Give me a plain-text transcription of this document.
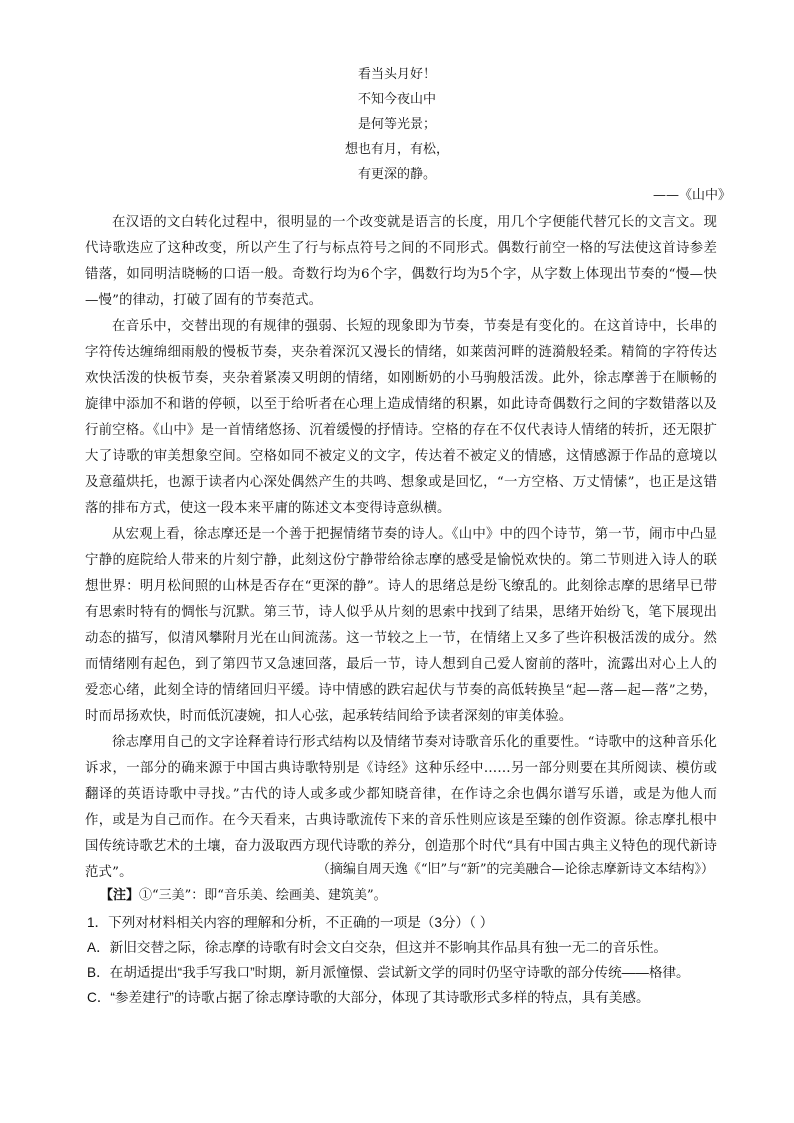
看当头月好！
不知今夜山中
是何等光景；
想也有月，有松，
有更深的静。
——《山中》

在汉语的文白转化过程中，很明显的一个改变就是语言的长度，用几个字便能代替冗长的文言文。现代诗歌迭应了这种改变，所以产生了行与标点符号之间的不同形式。偶数行前空一格的写法使这首诗参差错落，如同明洁晓畅的口语一般。奇数行均为6个字，偶数行均为5个字，从字数上体现出节奏的“慢—快—慢”的律动，打破了固有的节奏范式。

在音乐中，交替出现的有规律的强弱、长短的现象即为节奏，节奏是有变化的。在这首诗中，长串的字符传达缠绵细雨般的慢板节奏，夹杂着深沉又漫长的情绪，如莱茵河畔的涟漪般轻柔。精简的字符传达欢快活泼的快板节奏，夹杂着紧凑又明朗的情绪，如刚断奶的小马驹般活泼。此外，徐志摩善于在顺畅的旋律中添加不和谐的停顿，以至于给听者在心理上造成情绪的积累，如此诗奇偶数行之间的字数错落以及行前空格。《山中》是一首情绪悠扬、沉着缓慢的抒情诗。空格的存在不仅代表诗人情绪的转折，还无限扩大了诗歌的审美想象空间。空格如同不被定义的文字，传达着不被定义的情感，这情感源于作品的意境以及意蕴烘托，也源于读者内心深处偶然产生的共鸣、想象或是回忆，“一方空格、万丈情愫”，也正是这错落的排布方式，使这一段本来平庸的陈述文本变得诗意纵横。

从宏观上看，徐志摩还是一个善于把握情绪节奏的诗人。《山中》中的四个诗节，第一节，闹市中凸显宁静的庭院给人带来的片刻宁静，此刻这份宁静带给徐志摩的感受是愉悦欢快的。第二节则进入诗人的联想世界：明月松间照的山林是否存在“更深的静”。诗人的思绪总是纷飞缭乱的。此刻徐志摩的思绪早已带有思索时特有的惆怅与沉默。第三节，诗人似乎从片刻的思索中找到了结果，思绪开始纷飞，笔下展现出动态的描写，似清风攀附月光在山间流荡。这一节较之上一节，在情绪上又多了些许积极活泼的成分。然而情绪刚有起色，到了第四节又急速回落，最后一节，诗人想到自己爱人窗前的落叶，流露出对心上人的爱恋心绪，此刻全诗的情绪回归平缓。诗中情感的跌宕起伏与节奏的高低转换呈“起—落—起—落”之势，时而昂扬欢快，时而低沉凄婉，扣人心弦，起承转结间给予读者深刻的审美体验。

徐志摩用自己的文字诠释着诗行形式结构以及情绪节奏对诗歌音乐化的重要性。“诗歌中的这种音乐化诉求，一部分的确来源于中国古典诗歌特别是《诗经》这种乐经中……另一部分则要在其所阅读、模仿或翻译的英语诗歌中寻找。”古代的诗人或多或少都知晓音律，在作诗之余也偶尔谱写乐谱，或是为他人而作，或是为自己而作。在今天看来，古典诗歌流传下来的音乐性则应该是至臻的创作资源。徐志摩扎根中国传统诗歌艺术的土壤，奋力汲取西方现代诗歌的养分，创造那个时代“具有中国古典主义特色的现代新诗范式”。	（摘编自周天逸《“旧”与“新”的完美融合—论徐志摩新诗文本结构》）
【注】①“三美”：即“音乐美、绘画美、建筑美”。
1．下列对材料相关内容的理解和分析，不正确的一项是（3分）（ ）
A．新旧交替之际，徐志摩的诗歌有时会文白交杂，但这并不影响其作品具有独一无二的音乐性。
B．在胡适提出“我手写我口”时期，新月派憧憬、尝试新文学的同时仍坚守诗歌的部分传统——格律。
C．“参差建行”的诗歌占据了徐志摩诗歌的大部分，体现了其诗歌形式多样的特点，具有美感。
